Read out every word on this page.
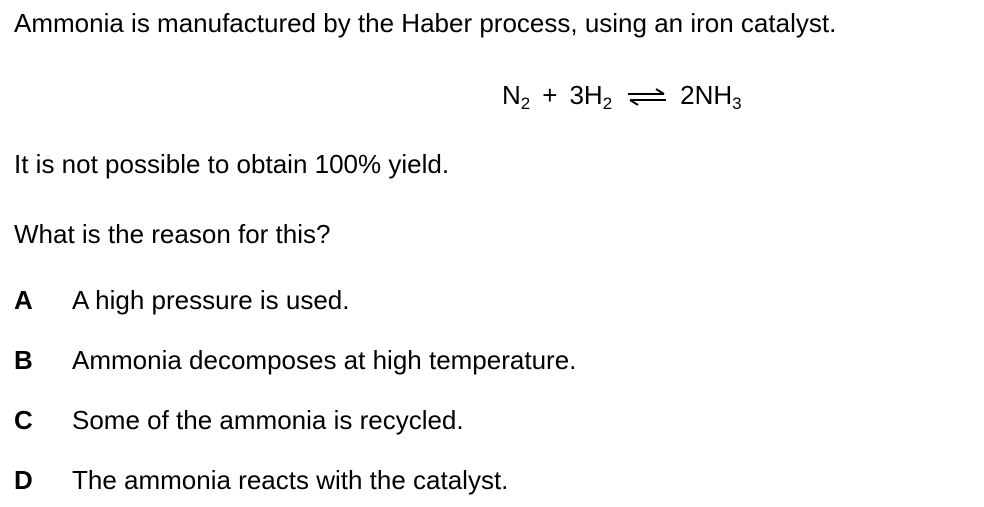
Ammonia is manufactured by the Haber process, using an iron catalyst.
$N_2 + 3H_2$ ⇌ $2NH_3$
It is not possible to obtain 100% yield.
What is the reason for this?
A	A high pressure is used.
B	Ammonia decomposes at high temperature.
C	Some of the ammonia is recycled.
D	The ammonia reacts with the catalyst.
